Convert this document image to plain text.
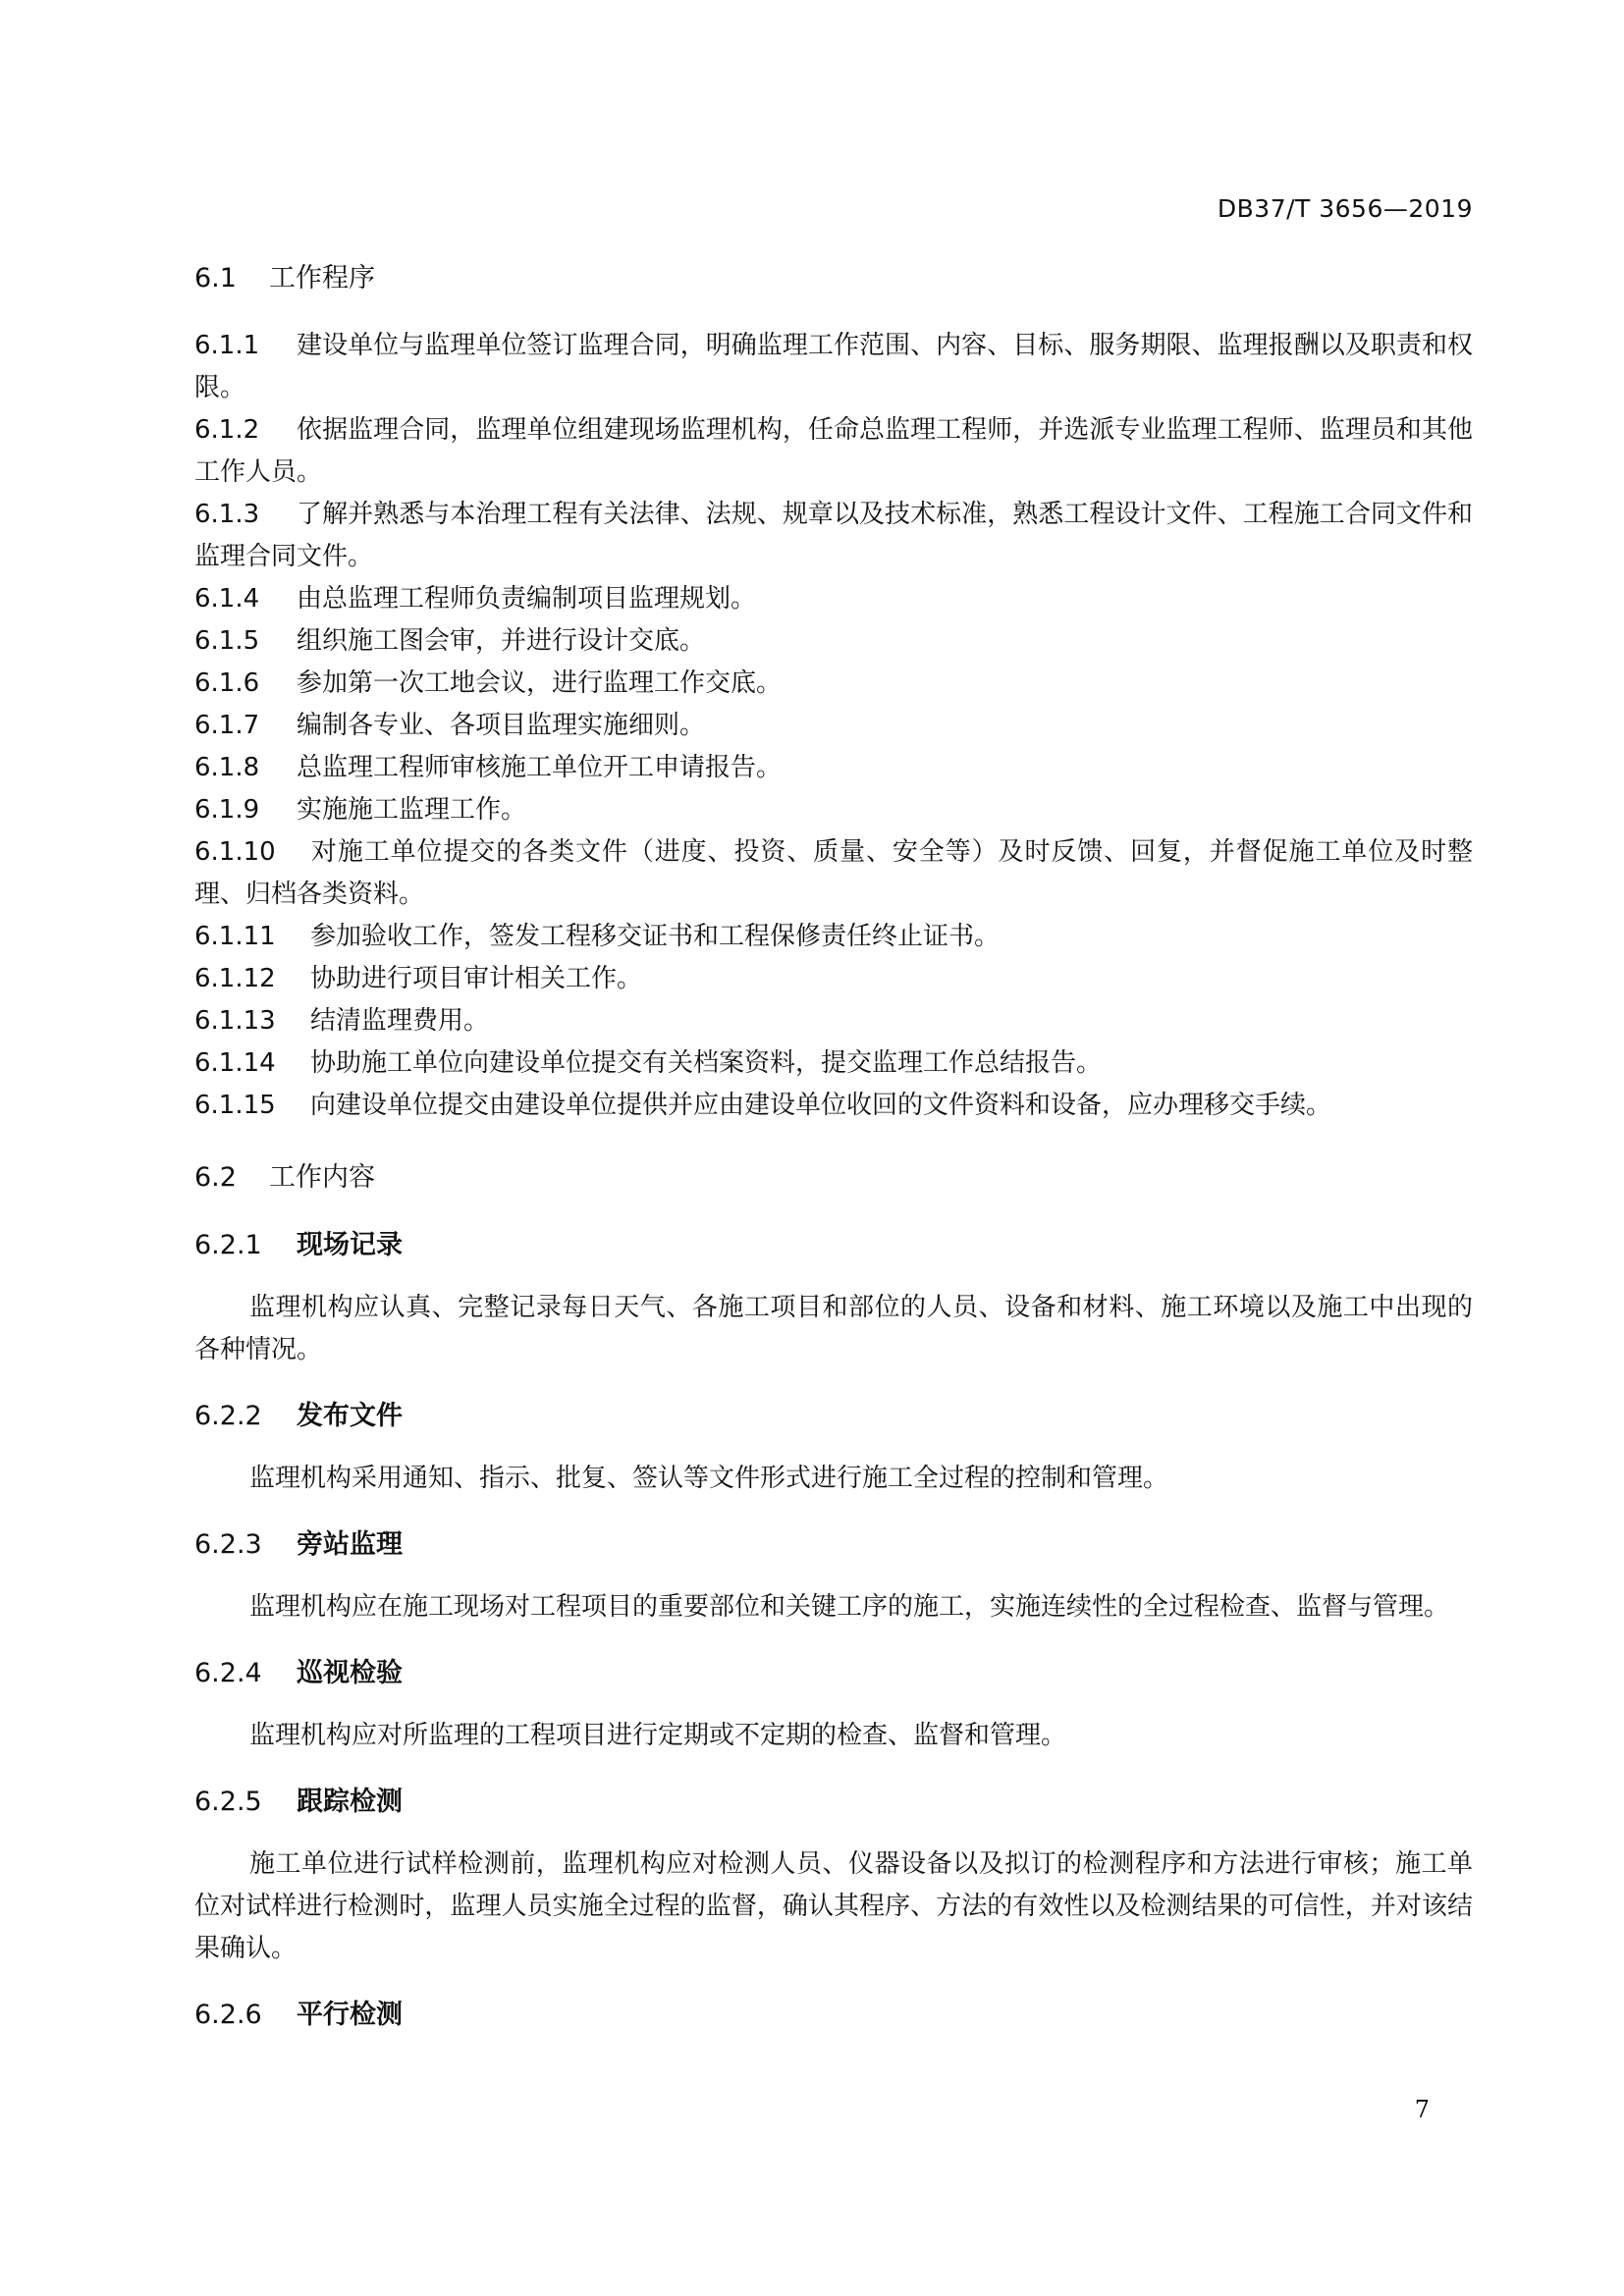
DB37/T 3656—2019
6.1 工作程序

6.1.1 建设单位与监理单位签订监理合同，明确监理工作范围、内容、目标、服务期限、监理报酬以及职责和权限。

6.1.2 依据监理合同，监理单位组建现场监理机构，任命总监理工程师，并选派专业监理工程师、监理员和其他工作人员。

6.1.3 了解并熟悉与本治理工程有关法律、法规、规章以及技术标准，熟悉工程设计文件、工程施工合同文件和监理合同文件。

6.1.4 由总监理工程师负责编制项目监理规划。

6.1.5 组织施工图会审，并进行设计交底。

6.1.6 参加第一次工地会议，进行监理工作交底。

6.1.7 编制各专业、各项目监理实施细则。

6.1.8 总监理工程师审核施工单位开工申请报告。

6.1.9 实施施工监理工作。

6.1.10 对施工单位提交的各类文件（进度、投资、质量、安全等）及时反馈、回复，并督促施工单位及时整理、归档各类资料。

6.1.11 参加验收工作，签发工程移交证书和工程保修责任终止证书。

6.1.12 协助进行项目审计相关工作。

6.1.13 结清监理费用。

6.1.14 协助施工单位向建设单位提交有关档案资料，提交监理工作总结报告。

6.1.15 向建设单位提交由建设单位提供并应由建设单位收回的文件资料和设备，应办理移交手续。

6.2 工作内容
6.2.1 现场记录

监理机构应认真、完整记录每日天气、各施工项目和部位的人员、设备和材料、施工环境以及施工中出现的各种情况。

6.2.2 发布文件

监理机构采用通知、指示、批复、签认等文件形式进行施工全过程的控制和管理。

6.2.3 旁站监理

监理机构应在施工现场对工程项目的重要部位和关键工序的施工，实施连续性的全过程检查、监督与管理。

6.2.4 巡视检验

监理机构应对所监理的工程项目进行定期或不定期的检查、监督和管理。

6.2.5 跟踪检测

施工单位进行试样检测前，监理机构应对检测人员、仪器设备以及拟订的检测程序和方法进行审核；施工单位对试样进行检测时，监理人员实施全过程的监督，确认其程序、方法的有效性以及检测结果的可信性，并对该结果确认。

6.2.6 平行检测
7
